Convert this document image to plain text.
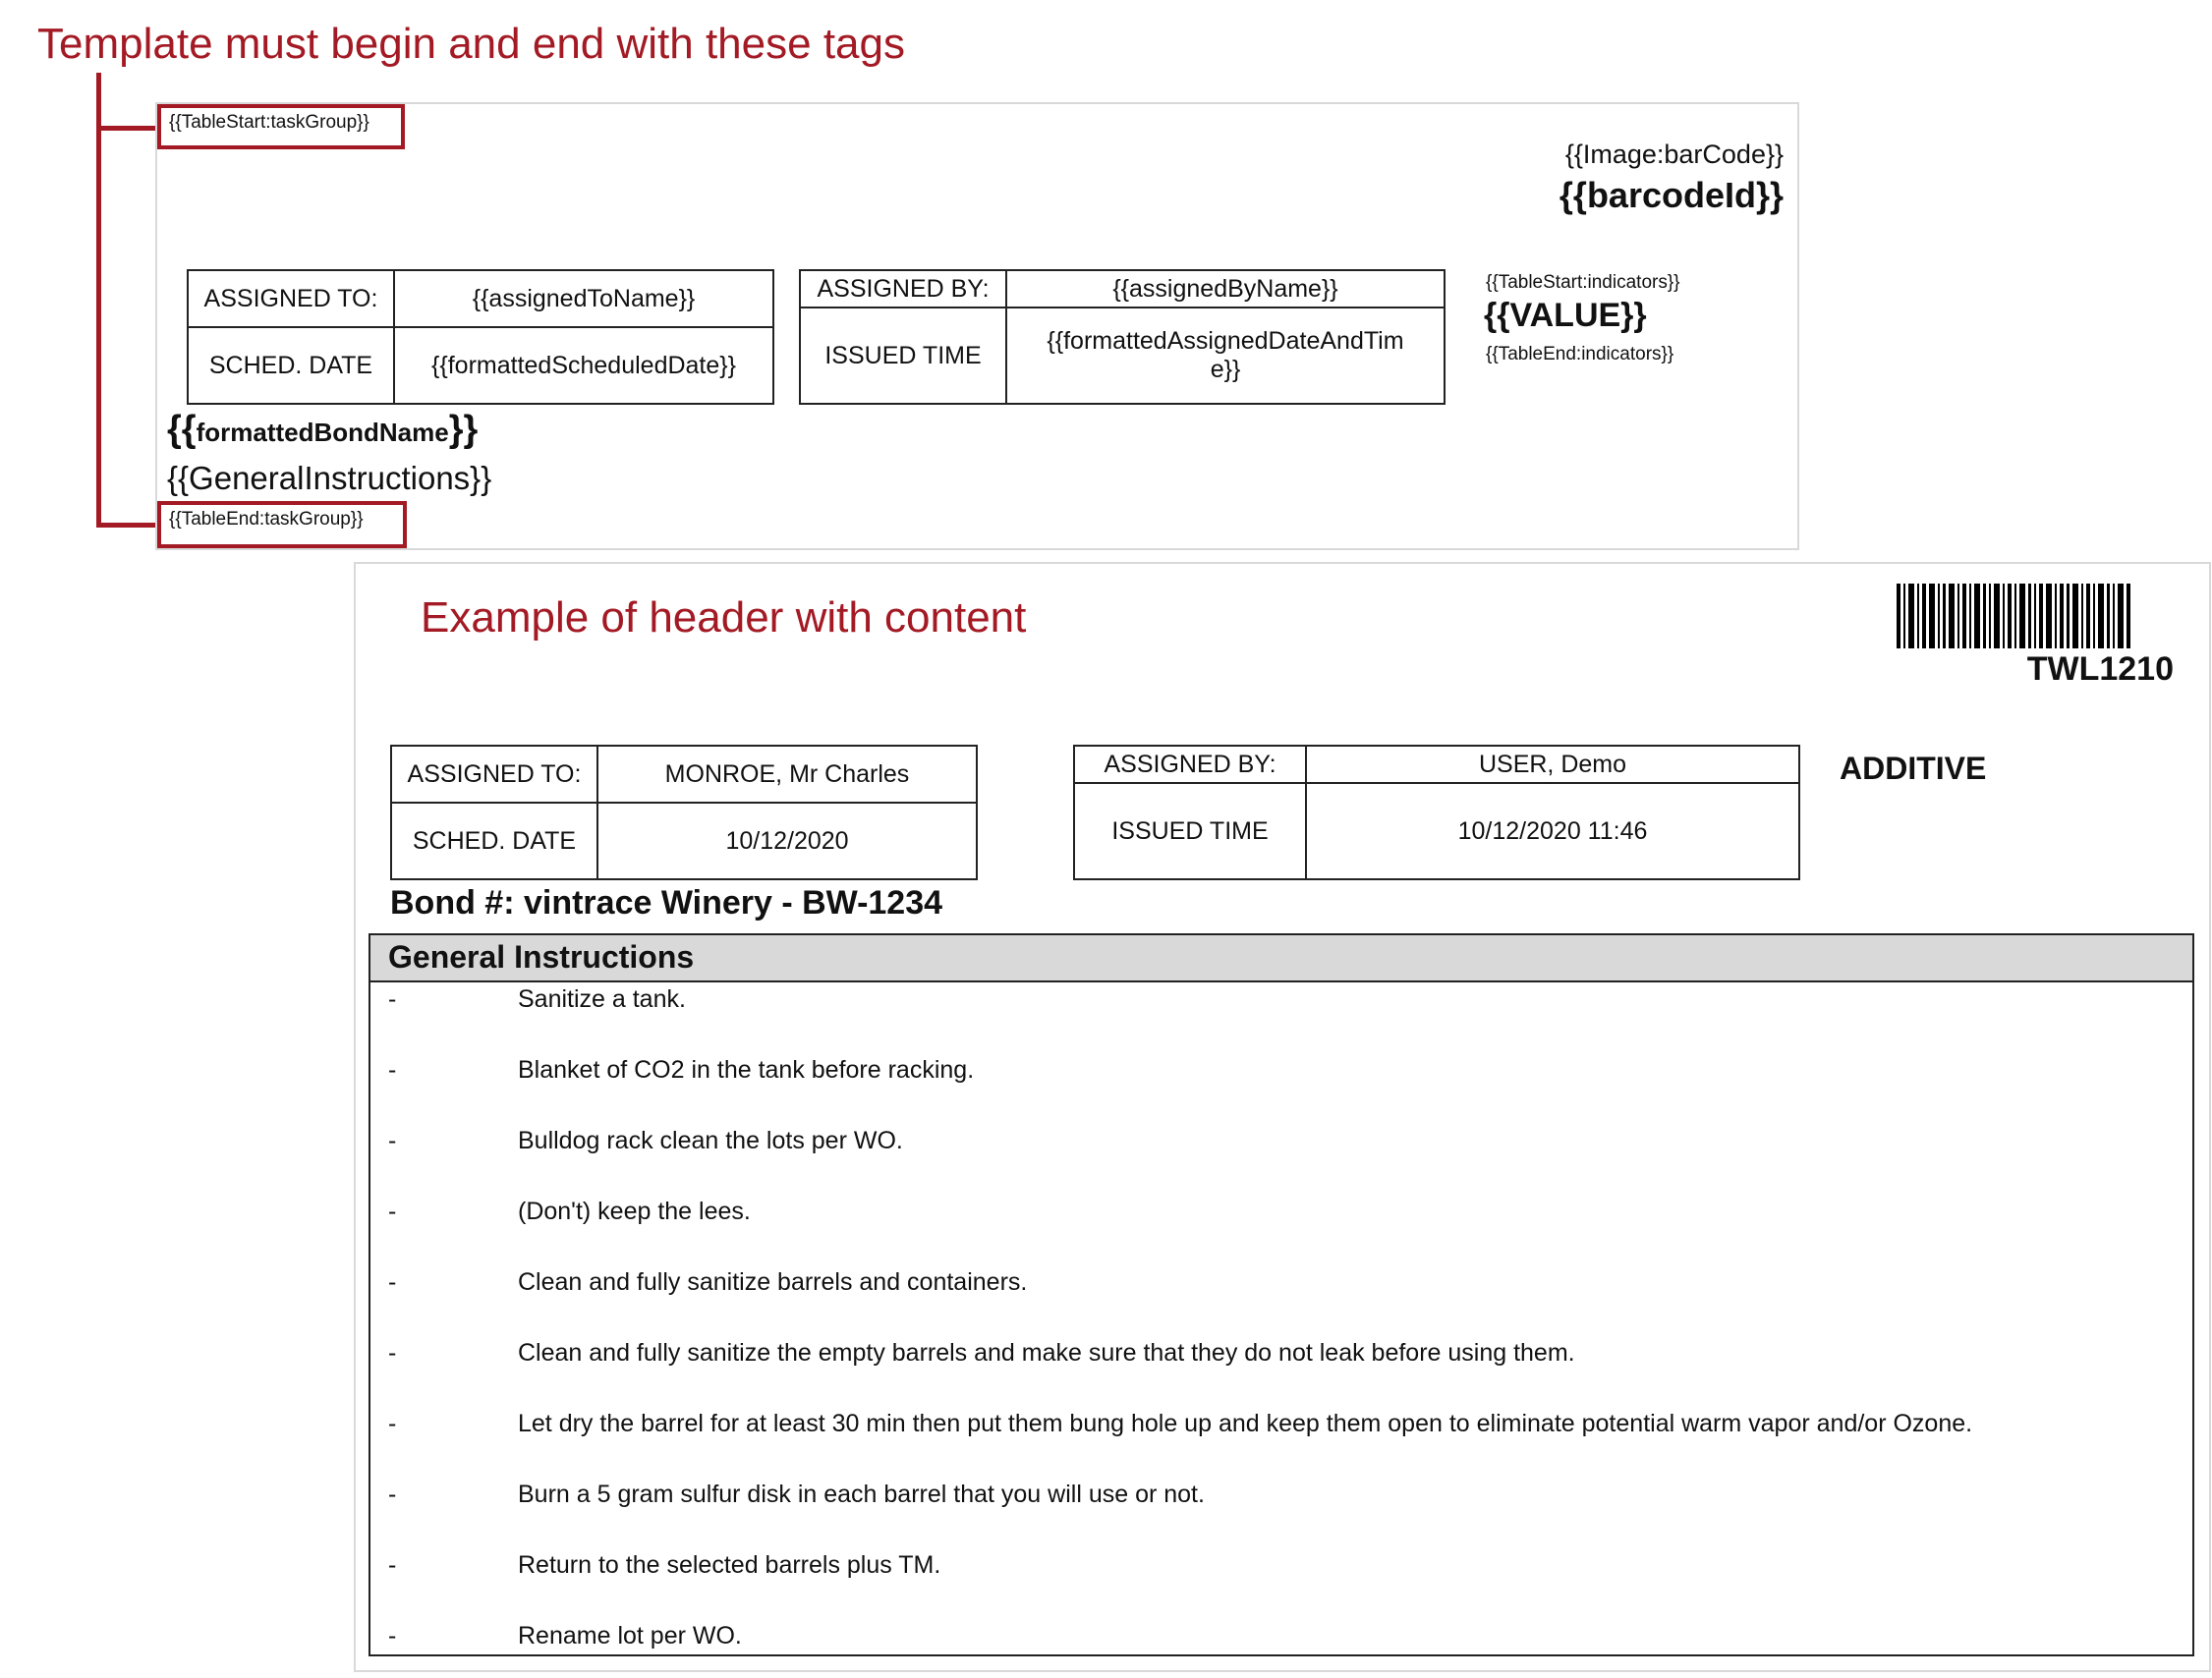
Template must begin and end with these tags
{{TableStart:taskGroup}}
{{TableEnd:taskGroup}}
{{Image:barCode}}
{{barcodeId}}
ASSIGNED TO:	{{assignedToName}}
SCHED. DATE	{{formattedScheduledDate}}
ASSIGNED BY:	{{assignedByName}}
ISSUED TIME	{{formattedAssignedDateAndTim
e}}
{{TableStart:indicators}}
{{VALUE}}
{{TableEnd:indicators}}
{{formattedBondName}}
{{GeneralInstructions}}
Example of header with content
TWL1210
ASSIGNED TO:	MONROE, Mr Charles
SCHED. DATE	10/12/2020
ASSIGNED BY:	USER, Demo
ISSUED TIME	10/12/2020 11:46
ADDITIVE
Bond #: vintrace Winery - BW-1234
General Instructions
-	Sanitize a tank.
-	Blanket of CO2 in the tank before racking.
-	Bulldog rack clean the lots per WO.
-	(Don't) keep the lees.
-	Clean and fully sanitize barrels and containers.
-	Clean and fully sanitize the empty barrels and make sure that they do not leak before using them.
-	Let dry the barrel for at least 30 min then put them bung hole up and keep them open to eliminate potential warm vapor and/or Ozone.
-	Burn a 5 gram sulfur disk in each barrel that you will use or not.
-	Return to the selected barrels plus TM.
-	Rename lot per WO.
